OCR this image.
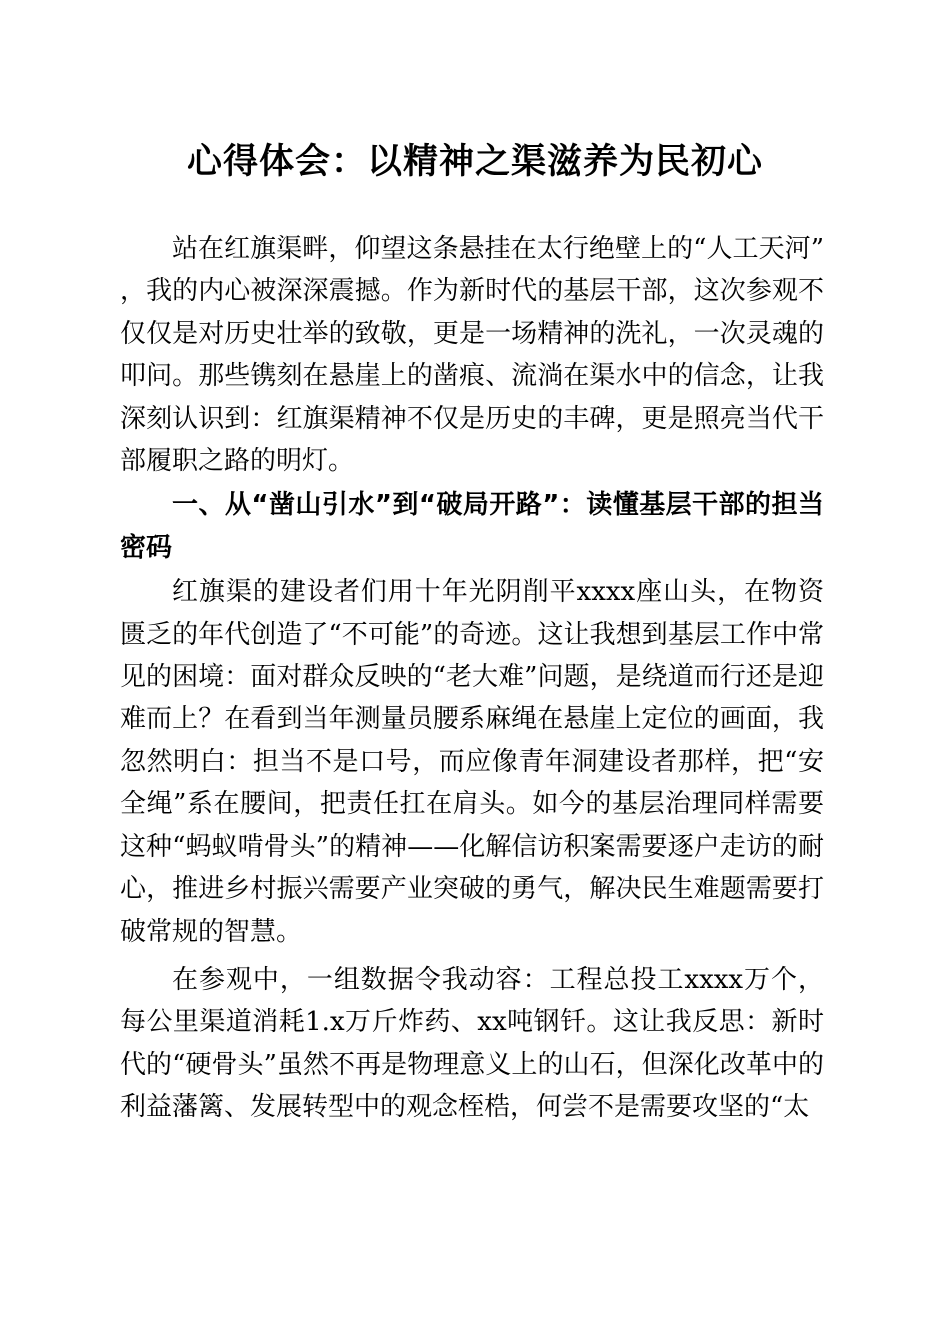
心得体会：以精神之渠滋养为民初心

站在红旗渠畔，仰望这条悬挂在太行绝壁上的“人工天河”，我的内心被深深震撼。作为新时代的基层干部，这次参观不仅仅是对历史壮举的致敬，更是一场精神的洗礼，一次灵魂的叩问。那些镌刻在悬崖上的凿痕、流淌在渠水中的信念，让我深刻认识到：红旗渠精神不仅是历史的丰碑，更是照亮当代干部履职之路的明灯。

一、从“凿山引水”到“破局开路”：读懂基层干部的担当密码

红旗渠的建设者们用十年光阴削平xxxx座山头，在物资匮乏的年代创造了“不可能”的奇迹。这让我想到基层工作中常见的困境：面对群众反映的“老大难”问题，是绕道而行还是迎难而上？在看到当年测量员腰系麻绳在悬崖上定位的画面，我忽然明白：担当不是口号，而应像青年洞建设者那样，把“安全绳”系在腰间，把责任扛在肩头。如今的基层治理同样需要这种“蚂蚁啃骨头”的精神——化解信访积案需要逐户走访的耐心，推进乡村振兴需要产业突破的勇气，解决民生难题需要打破常规的智慧。

在参观中，一组数据令我动容：工程总投工xxxx万个，每公里渠道消耗1.x万斤炸药、xx吨钢钎。这让我反思：新时代的“硬骨头”虽然不再是物理意义上的山石，但深化改革中的利益藩篱、发展转型中的观念桎梏，何尝不是需要攻坚的“太
